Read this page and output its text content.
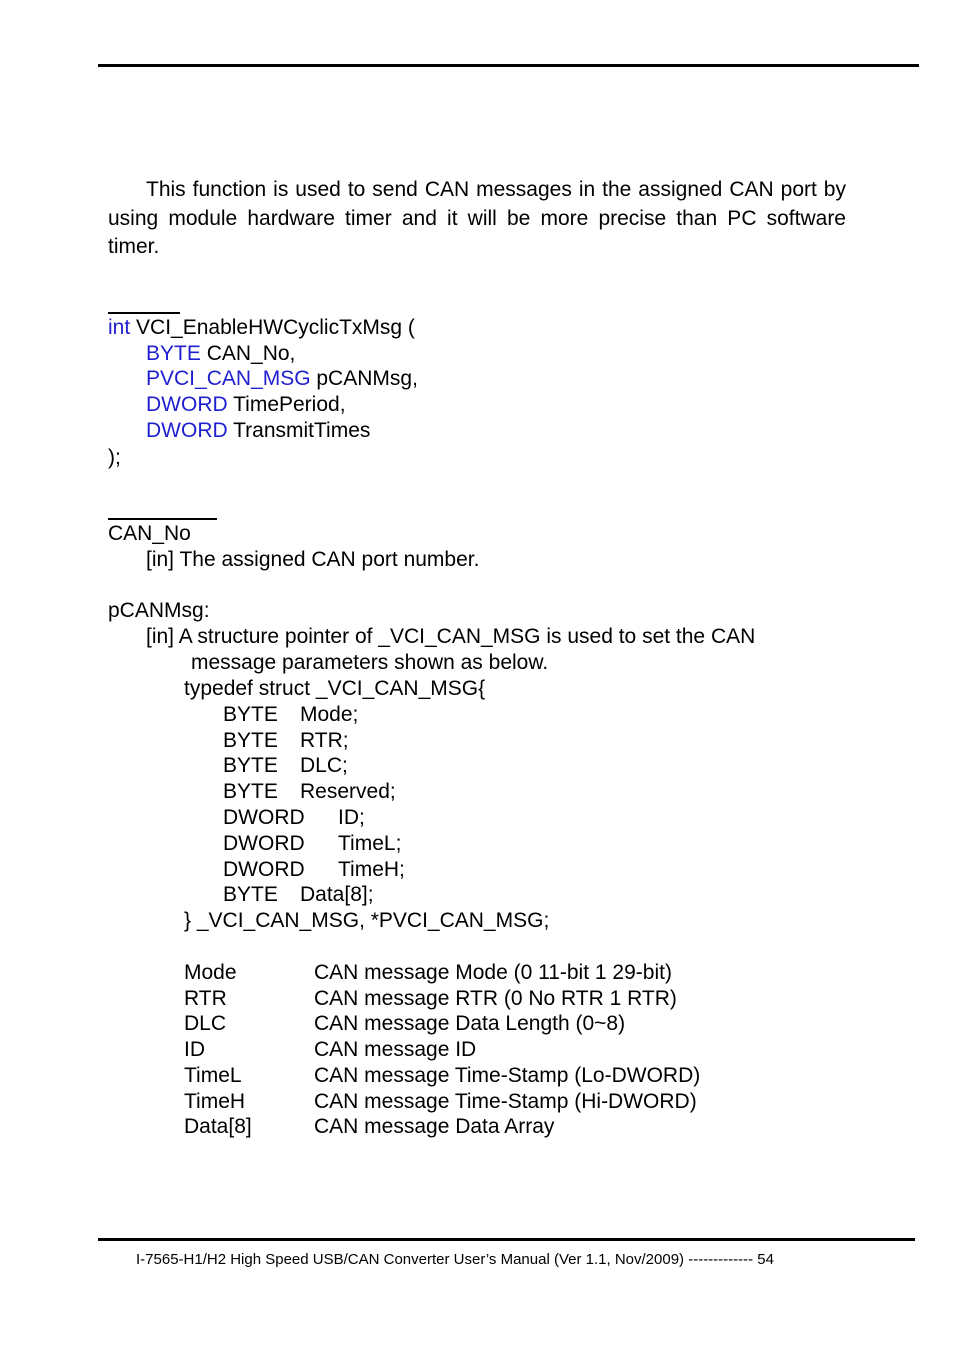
This function is used to send CAN messages in the assigned CAN port by using module hardware timer and it will be more precise than PC software timer.
int VCI_EnableHWCyclicTxMsg (
BYTE CAN_No,
PVCI_CAN_MSG pCANMsg,
DWORD TimePeriod,
DWORD TransmitTimes
);
CAN_No
[in] The assigned CAN port number.
pCANMsg:
[in] A structure pointer of _VCI_CAN_MSG is used to set the CAN
message parameters shown as below.
typedef struct _VCI_CAN_MSG{
BYTE Mode;
BYTE RTR;
BYTE DLC;
BYTE Reserved;
DWORD ID;
DWORD TimeL;
DWORD TimeH;
BYTE Data[8];
} _VCI_CAN_MSG, *PVCI_CAN_MSG;
Mode	CAN message Mode (0 11-bit 1 29-bit)
RTR	CAN message RTR (0 No RTR 1 RTR)
DLC	CAN message Data Length (0~8)
ID	CAN message ID
TimeL	CAN message Time-Stamp (Lo-DWORD)
TimeH	CAN message Time-Stamp (Hi-DWORD)
Data[8]	CAN message Data Array
I-7565-H1/H2 High Speed USB/CAN Converter User’s Manual (Ver 1.1, Nov/2009) ------------- 54
